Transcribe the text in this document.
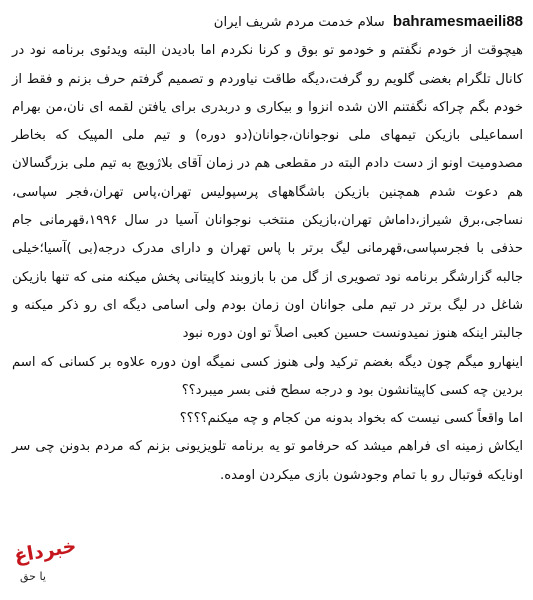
bahramesmaeili88 سلام خدمت مردم شریف ایران

هیچوقت از خودم نگفتم و خودمو تو بوق و کرنا نکردم اما بادیدن البته ویدئوی برنامه نود در کانال تلگرام بغضی گلویم رو گرفت،دیگه طاقت نیاوردم و تصمیم گرفتم حرف بزنم و فقط از خودم بگم چراکه نگفتنم الان شده انزوا و بیکاری و دربدری برای یافتن لقمه ای نان،من بهرام اسماعیلی بازیکن تیمهای ملی نوجوانان،جوانان(دو دوره) و تیم ملی المپیک که بخاطر مصدومیت اونو از دست دادم البته در مقطعی هم در زمان آقای بلاژویچ به تیم ملی بزرگسالان هم دعوت شدم همچنین بازیکن باشگاههای پرسپولیس تهران،پاس تهران،فجر سپاسی، نساجی،برق شیراز،داماش تهران،بازیکن منتخب نوجوانان آسیا در سال ۱۹۹۶،قهرمانی جام حذفی با فجرسپاسی،قهرمانی لیگ برتر با پاس تهران و دارای مدرک درجه(بی )آسیا؛خیلی جالبه گزارشگر برنامه نود تصویری از گل من با بازوبند کاپیتانی پخش میکنه منی که تنها بازیکن شاغل در لیگ برتر در تیم ملی جوانان اون زمان بودم ولی اسامی دیگه ای رو ذکر میکنه و جالبتر اینکه هنوز نمیدونست حسین کعبی اصلاً تو اون دوره نبود

اینهارو میگم چون دیگه بغضم ترکید ولی هنوز کسی نمیگه اون دوره علاوه بر کسانی که اسم بردین چه کسی کاپیتانشون بود و درجه سطح فنی بسر میبرد؟؟

اما واقعاً کسی نیست که بخواد بدونه من کجام و چه میکنم؟؟؟؟

ایکاش زمینه ای فراهم میشد که حرفامو تو یه برنامه تلویزیونی بزنم که مردم بدونن چی سر اونایکه فوتبال رو با تمام وجودشون بازی میکردن اومده.

خبرداغ
یا حق
